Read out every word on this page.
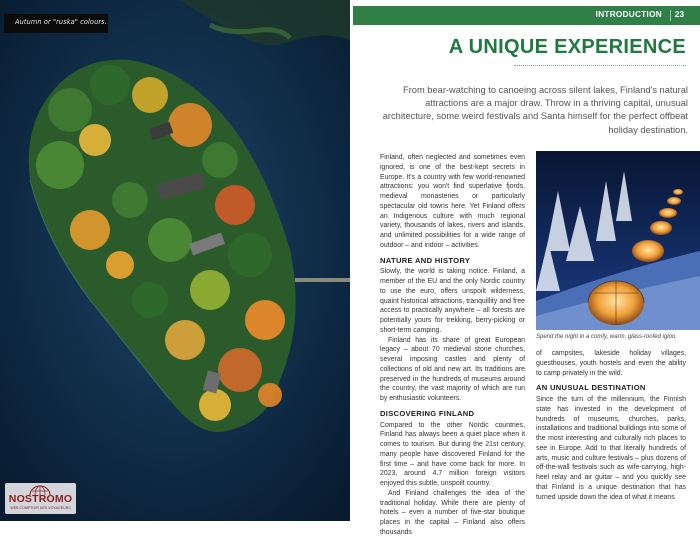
Autumn or "ruska" colours.
NOSTROMO
WEB COMPTOIR DES VOYAGEURS
INTRODUCTION 23
A UNIQUE EXPERIENCE
From bear-watching to canoeing across silent lakes, Finland's natural attractions are a major draw. Throw in a thriving capital, unusual architecture, some weird festivals and Santa himself for the perfect offbeat holiday destination.

Finland, often neglected and sometimes even ignored, is one of the best-kept secrets in Europe. It's a country with few world-renowned attractions: you won't find superlative fjords, medieval monasteries or particularly spectacular old towns here. Yet Finland offers an Indigenous culture with much regional variety, thousands of lakes, rivers and islands, and unlimited possibilities for a wide range of outdoor – and indoor – activities.

NATURE AND HISTORY

Slowly, the world is taking notice. Finland, a member of the EU and the only Nordic country to use the euro, offers unspoilt wilderness, quaint historical attractions, tranquillity and free access to practically anywhere – all forests are potentially yours for trekking, berry-picking or short-term camping.

Finland has its share of great European legacy – about 70 medieval stone churches, several imposing castles and plenty of collections of old and new art. Its traditions are preserved in the hundreds of museums around the country, the vast majority of which are run by enthusiastic volunteers.

DISCOVERING FINLAND

Compared to the other Nordic countries, Finland has always been a quiet place when it comes to tourism. But during the 21st century, many people have discovered Finland for the first time – and have come back for more. In 2023, around 4.7 million foreign visitors enjoyed this subtle, unspoilt country.

And Finland challenges the idea of the traditional holiday. While there are plenty of hotels – even a number of five-star boutique places in the capital – Finland also offers thousands

Spend the night in a comfy, warm, glass-roofed igloo.

of campsites, lakeside holiday villages, guesthouses, youth hostels and even the ability to camp privately in the wild.

AN UNUSUAL DESTINATION

Since the turn of the millennium, the Finnish state has invested in the development of hundreds of museums, churches, parks, installations and traditional buildings into some of the most interesting and culturally rich places to see in Europe. Add to that literally hundreds of arts, music and culture festivals – plus dozens of off-the-wall festivals such as wife-carrying, high-heel relay and air guitar – and you quickly see that Finland is a unique destination that has turned upside down the idea of what it means
